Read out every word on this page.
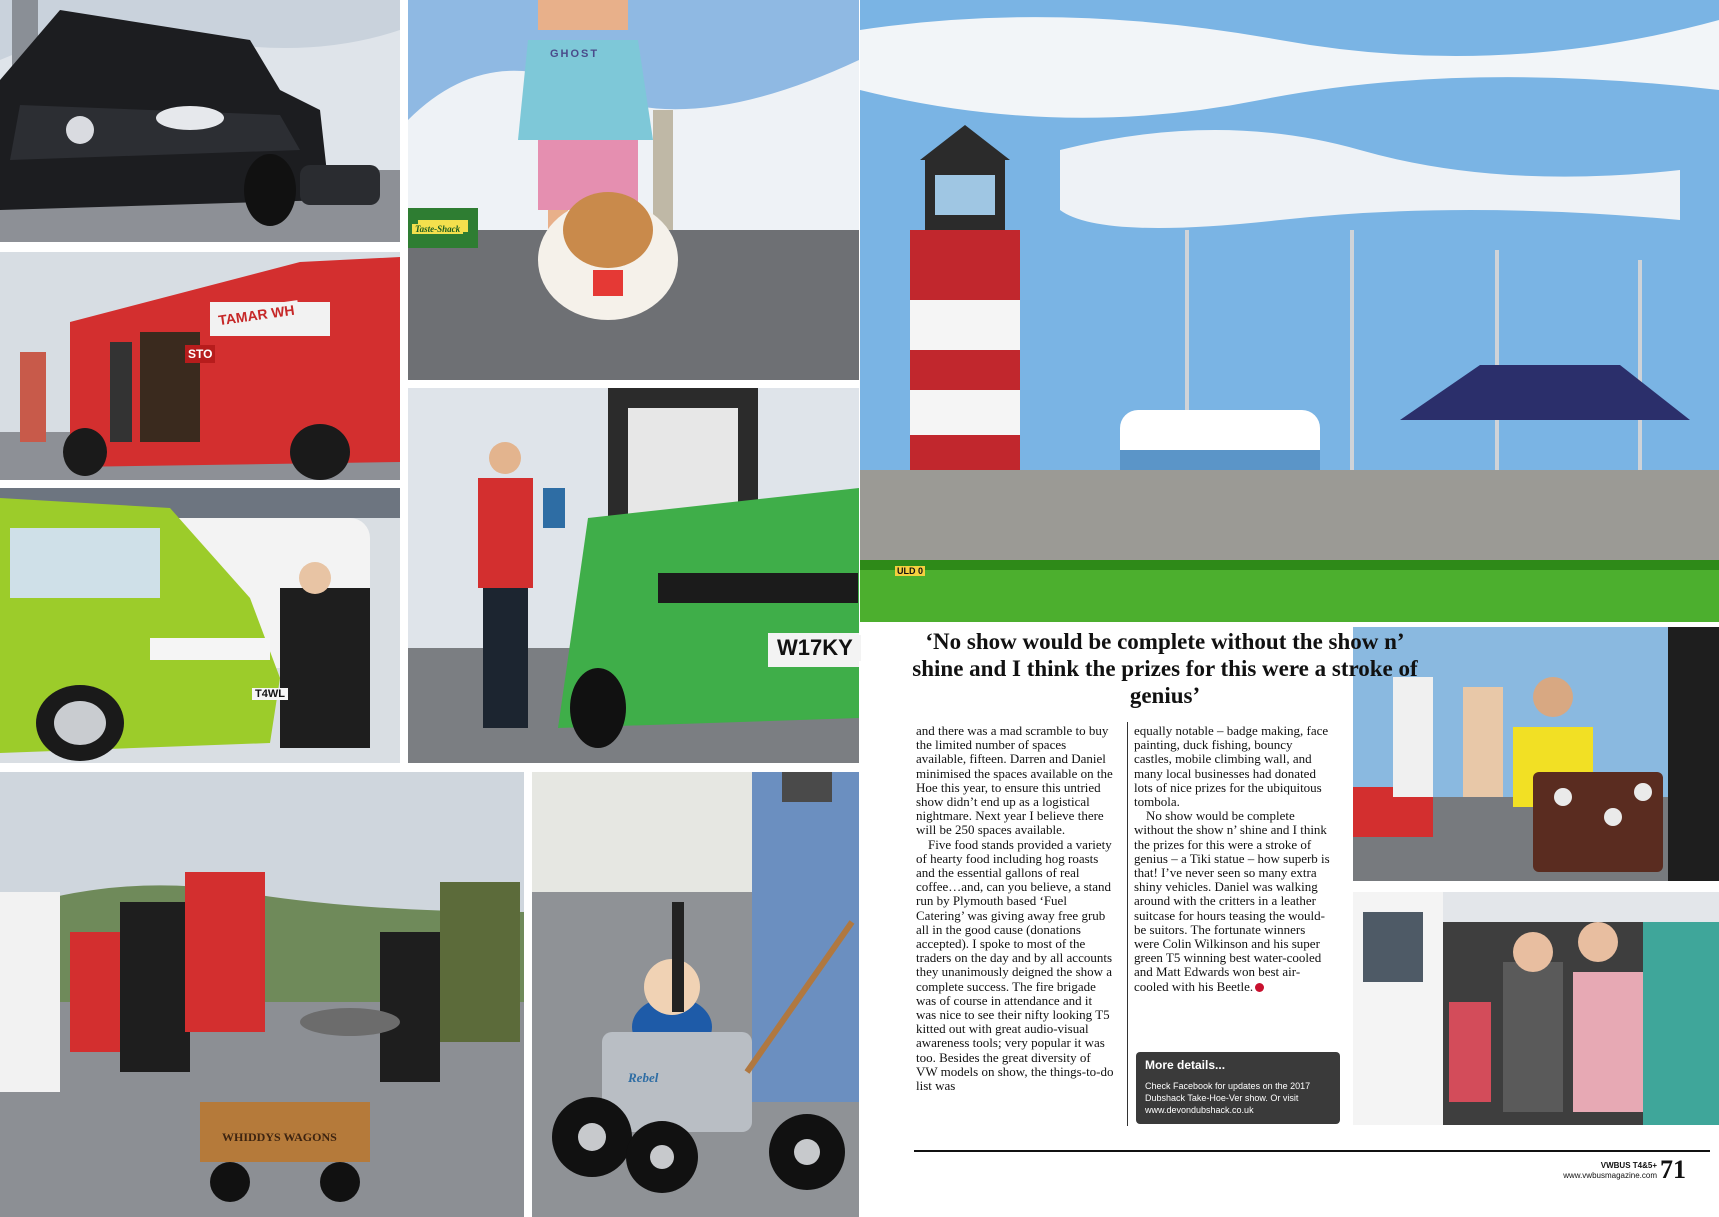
‘No show would be complete without the show n’ shine and I think the prizes for this were a stroke of genius’

and there was a mad scramble to buy the limited number of spaces available, fifteen. Darren and Daniel minimised the spaces available on the Hoe this year, to ensure this untried show didn’t end up as a logistical nightmare. Next year I believe there will be 250 spaces available.

Five food stands provided a variety of hearty food including hog roasts and the essential gallons of real coffee…and, can you believe, a stand run by Plymouth based ‘Fuel Catering’ was giving away free grub all in the good cause (donations accepted). I spoke to most of the traders on the day and by all accounts they unanimously deigned the show a complete success. The fire brigade was of course in attendance and it was nice to see their nifty looking T5 kitted out with great audio-visual awareness tools; very popular it was too. Besides the great diversity of VW models on show, the things-to-do list was

equally notable – badge making, face painting, duck fishing, bouncy castles, mobile climbing wall, and many local businesses had donated lots of nice prizes for the ubiquitous tombola.

No show would be complete without the show n’ shine and I think the prizes for this were a stroke of genius – a Tiki statue – how superb is that! I’ve never seen so many extra shiny vehicles. Daniel was walking around with the critters in a leather suitcase for hours teasing the would-be suitors. The fortunate winners were Colin Wilkinson and his super green T5 winning best water-cooled and Matt Edwards won best air-cooled with his Beetle.

More details...
Check Facebook for updates on the 2017 Dubshack Take-Hoe-Ver show. Or visit www.devondubshack.co.uk
VWBUS T4&5+
www.vwbusmagazine.com 71
TAMAR WH
STO
GHOST
Taste-Shack
W17KY
T4WL
ULD 0
WHIDDYS WAGONS
Rebel
